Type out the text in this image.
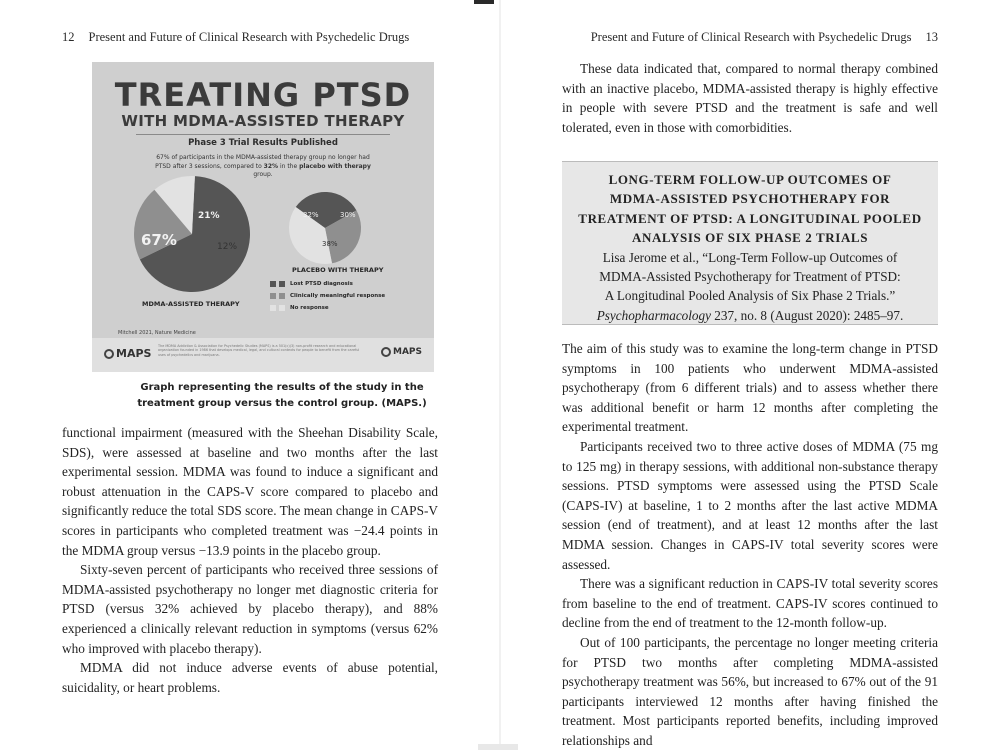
12 Present and Future of Clinical Research with Psychedelic Drugs
TREATING PTSD
WITH MDMA-ASSISTED THERAPY
Phase 3 Trial Results Published
67% of participants in the MDMA-assisted therapy group no longer had PTSD after 3 sessions, compared to 32% in the placebo with therapy group.
67%
21%
12%
32%	30%
38%
MDMA-ASSISTED THERAPY
PLACEBO WITH THERAPY
Lost PTSD diagnosis
Clinically meaningful response
No response
Mitchell 2021, Nature Medicine
MAPS
The MDMA Addiction & Association for Psychedelic Studies (MAPS) is a 501(c)(3) non-profit research and educational organization founded in 1986 that develops medical, legal, and cultural contexts for people to benefit from the careful uses of psychedelics and marijuana.	MAPS
Graph representing the results of the study in the
treatment group versus the control group. (MAPS.)

functional impairment (measured with the Sheehan Disability Scale, SDS), were assessed at baseline and two months after the last experimental session. MDMA was found to induce a significant and robust attenuation in the CAPS-V score compared to placebo and significantly reduce the total SDS score. The mean change in CAPS-V scores in participants who completed treatment was −24.4 points in the MDMA group versus −13.9 points in the placebo group.

Sixty-seven percent of participants who received three sessions of MDMA-assisted psychotherapy no longer met diagnostic criteria for PTSD (versus 32% achieved by placebo therapy), and 88% experienced a clinically relevant reduction in symptoms (versus 62% who improved with placebo therapy).

MDMA did not induce adverse events of abuse potential, suicidality, or heart problems.

Present and Future of Clinical Research with Psychedelic Drugs 13

These data indicated that, compared to normal therapy combined with an inactive placebo, MDMA-assisted therapy is highly effective in people with severe PTSD and the treatment is safe and well tolerated, even in those with comorbidities.

LONG-TERM FOLLOW-UP OUTCOMES OF
MDMA-ASSISTED PSYCHOTHERAPY FOR
TREATMENT OF PTSD: A LONGITUDINAL POOLED
ANALYSIS OF SIX PHASE 2 TRIALS
Lisa Jerome et al., “Long-Term Follow-up Outcomes of
MDMA-Assisted Psychotherapy for Treatment of PTSD:
A Longitudinal Pooled Analysis of Six Phase 2 Trials.”
Psychopharmacology 237, no. 8 (August 2020): 2485–97.

The aim of this study was to examine the long-term change in PTSD symptoms in 100 patients who underwent MDMA-assisted psychotherapy (from 6 different trials) and to assess whether there was additional benefit or harm 12 months after completing the experimental treatment.

Participants received two to three active doses of MDMA (75 mg to 125 mg) in therapy sessions, with additional non-substance therapy sessions. PTSD symptoms were assessed using the PTSD Scale (CAPS-IV) at baseline, 1 to 2 months after the last active MDMA session (end of treatment), and at least 12 months after the last MDMA session. Changes in CAPS-IV total severity scores were assessed.

There was a significant reduction in CAPS-IV total severity scores from baseline to the end of treatment. CAPS-IV scores continued to decline from the end of treatment to the 12-month follow-up.

Out of 100 participants, the percentage no longer meeting criteria for PTSD two months after completing MDMA-assisted psychotherapy treatment was 56%, but increased to 67% out of the 91 participants interviewed 12 months after having finished the treatment. Most participants reported benefits, including improved relationships and
